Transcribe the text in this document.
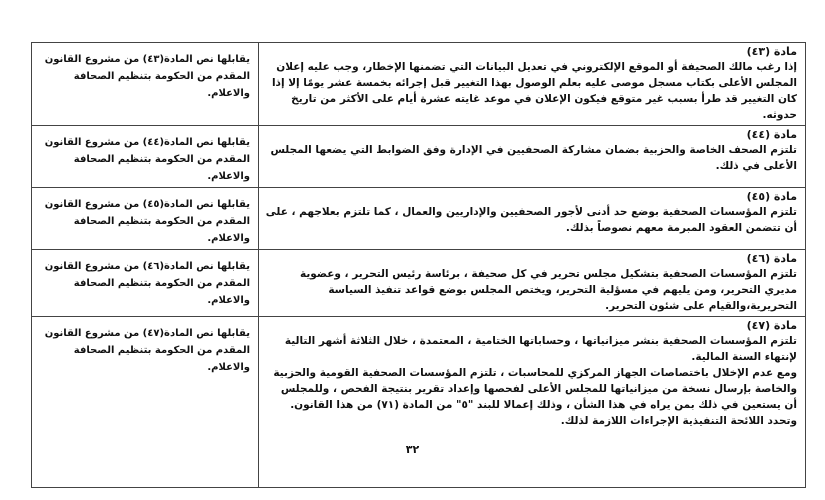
مادة (٤٣)

إذا رغب مالك الصحيفة أو الموقع الإلكتروني في تعديل البيانات التي تضمنها الإخطار، وجب عليه إعلان المجلس الأعلى بكتاب مسجل موصى عليه بعلم الوصول بهذا التغيير قبل إجرائه بخمسة عشر يومًا إلا إذا كان التغيير قد طرأ بسبب غير متوقع فيكون الإعلان في موعد غايته عشرة أيام على الأكثر من تاريخ حدوثه.	يقابلها نص المادة(٤٣) من مشروع القانون المقدم من الحكومة بتنظيم الصحافة والاعلام.

مادة (٤٤)

تلتزم الصحف الخاصة والحزبية بضمان مشاركة الصحفيين في الإدارة وفق الضوابط التي يضعها المجلس الأعلى في ذلك.	يقابلها نص المادة(٤٤) من مشروع القانون المقدم من الحكومة بتنظيم الصحافة والاعلام.

مادة (٤٥)

تلتزم المؤسسات الصحفية بوضع حد أدنى لأجور الصحفيين والإداريين والعمال ، كما تلتزم بعلاجهم ، على أن تتضمن العقود المبرمة معهم نصوصاً بذلك.	يقابلها نص المادة(٤٥) من مشروع القانون المقدم من الحكومة بتنظيم الصحافة والاعلام.

مادة (٤٦)

تلتزم المؤسسات الصحفية بتشكيل مجلس تحرير في كل صحيفة ، برئاسة رئيس التحرير ، وعضوية مديري التحرير، ومن يليهم في مسؤلية التحرير، ويختص المجلس بوضع قواعد تنفيذ السياسة التحريرية،والقيام على شئون التحرير.	يقابلها نص المادة(٤٦) من مشروع القانون المقدم من الحكومة بتنظيم الصحافة والاعلام.

مادة (٤٧)

تلتزم المؤسسات الصحفية بنشر ميزانياتها ، وحساباتها الختامية ، المعتمدة ، خلال الثلاثة أشهر التالية لإنتهاء السنة المالية.

ومع عدم الإخلال باختصاصات الجهاز المركزي للمحاسبات ، تلتزم المؤسسات الصحفية القومية والحزبية والخاصة بإرسال نسخة من ميزانياتها للمجلس الأعلى لفحصها وإعداد تقرير بنتيجة الفحص ، وللمجلس أن يستعين في ذلك بمن يراه في هذا الشأن ، وذلك إعمالا للبند "٥" من المادة (٧١) من هذا القانون.

وتحدد اللائحة التنفيذية الإجراءات اللازمة لذلك.	يقابلها نص المادة(٤٧) من مشروع القانون المقدم من الحكومة بتنظيم الصحافة والاعلام.
٣٢
